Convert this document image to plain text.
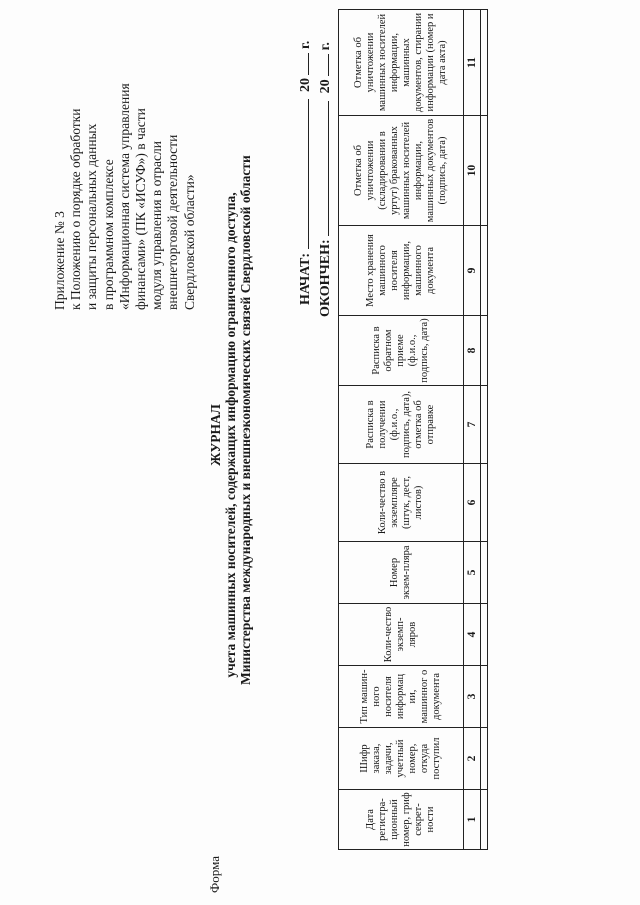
Приложение № 3 к Положению о порядке обработки и защиты персональных данных в программном комплексе «Информационная система управления финансами» (ПК «ИСУФ») в части модуля управления в отрасли внешнеторговой деятельности Свердловской области»
Форма
ЖУРНАЛ учета машинных носителей, содержащих информацию ограниченного доступа, Министерства международных и внешнеэкономических связей Свердловской области	НАЧАТ:  20г.
ОКОНЧЕН:  20г.
Дата регистра-ционный номер, гриф секрет-ности	Шифр заказа, задачи, учетный номер, откуда поступил	Тип машин-ного носителя информац ии, машинног о документа	Коли-чество экземп-ляров	Номер экзем-пляра	Коли-чество в экземпляре (штук, дест, листов)	Расписка в получении (ф.и.о., подпись, дата), отметка об отправке	Расписка в обратном приеме (ф.и.о., подпись, дата)	Место хранения машинного носителя информации, машинного документа	Отметка об уничтожении (складировании в уртут) бракованных машинных носителей информации, машинных документов (подпись, дата)	Отметка об уничтожении машинных носителей информации, машинных документов, стирании информации (номер и дата акта)
1	2	3	4	5	6	7	8	9	10	11
